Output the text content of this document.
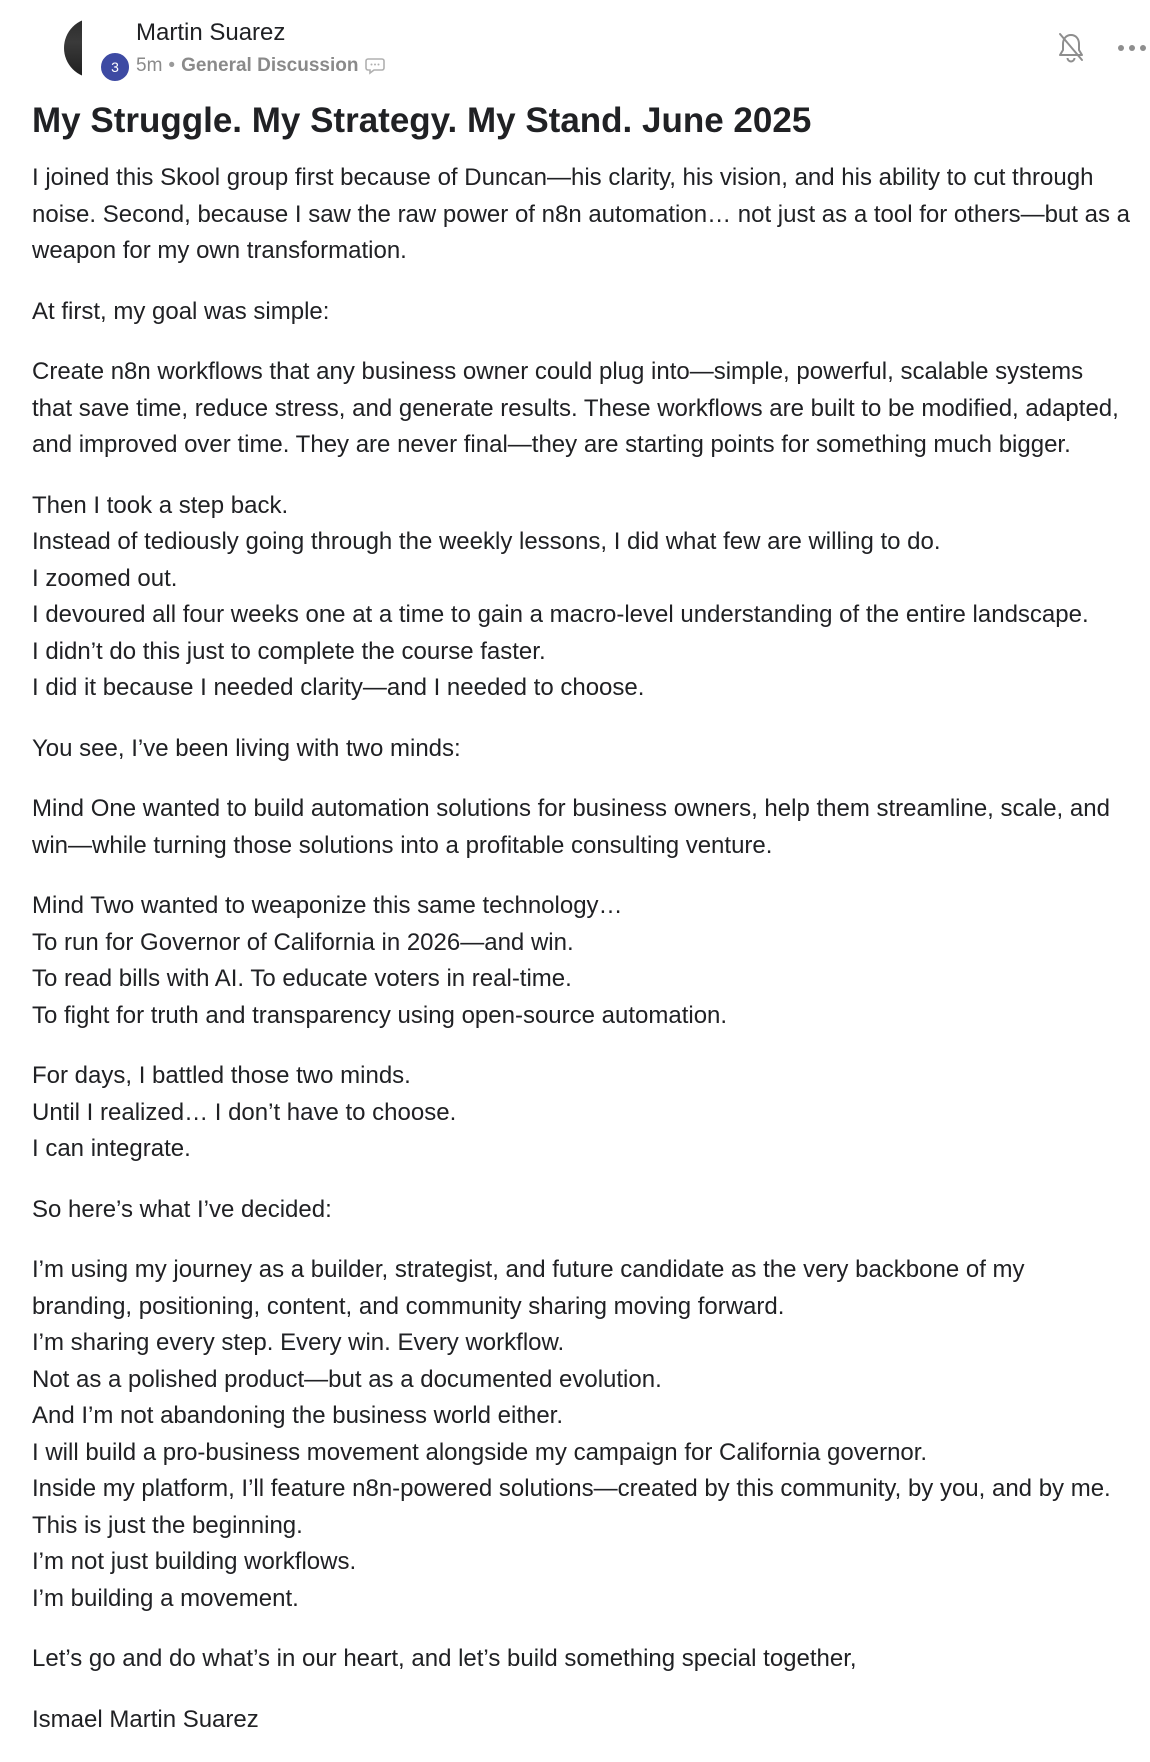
3
Martin Suarez
5m • General Discussion
My Struggle. My Strategy. My Stand. June 2025

I joined this Skool group first because of Duncan—his clarity, his vision, and his ability to cut through
noise. Second, because I saw the raw power of n8n automation… not just as a tool for others—but as a
weapon for my own transformation.

At first, my goal was simple:

Create n8n workflows that any business owner could plug into—simple, powerful, scalable systems
that save time, reduce stress, and generate results. These workflows are built to be modified, adapted,
and improved over time. They are never final—they are starting points for something much bigger.

Then I took a step back.
Instead of tediously going through the weekly lessons, I did what few are willing to do.
I zoomed out.
I devoured all four weeks one at a time to gain a macro-level understanding of the entire landscape.
I didn’t do this just to complete the course faster.
I did it because I needed clarity—and I needed to choose.

You see, I’ve been living with two minds:

Mind One wanted to build automation solutions for business owners, help them streamline, scale, and
win—while turning those solutions into a profitable consulting venture.

Mind Two wanted to weaponize this same technology…
To run for Governor of California in 2026—and win.
To read bills with AI. To educate voters in real-time.
To fight for truth and transparency using open-source automation.

For days, I battled those two minds.
Until I realized… I don’t have to choose.
I can integrate.

So here’s what I’ve decided:

I’m using my journey as a builder, strategist, and future candidate as the very backbone of my
branding, positioning, content, and community sharing moving forward.
I’m sharing every step. Every win. Every workflow.
Not as a polished product—but as a documented evolution.
And I’m not abandoning the business world either.
I will build a pro-business movement alongside my campaign for California governor.
Inside my platform, I’ll feature n8n-powered solutions—created by this community, by you, and by me.
This is just the beginning.
I’m not just building workflows.
I’m building a movement.

Let’s go and do what’s in our heart, and let’s build something special together,

Ismael Martin Suarez
